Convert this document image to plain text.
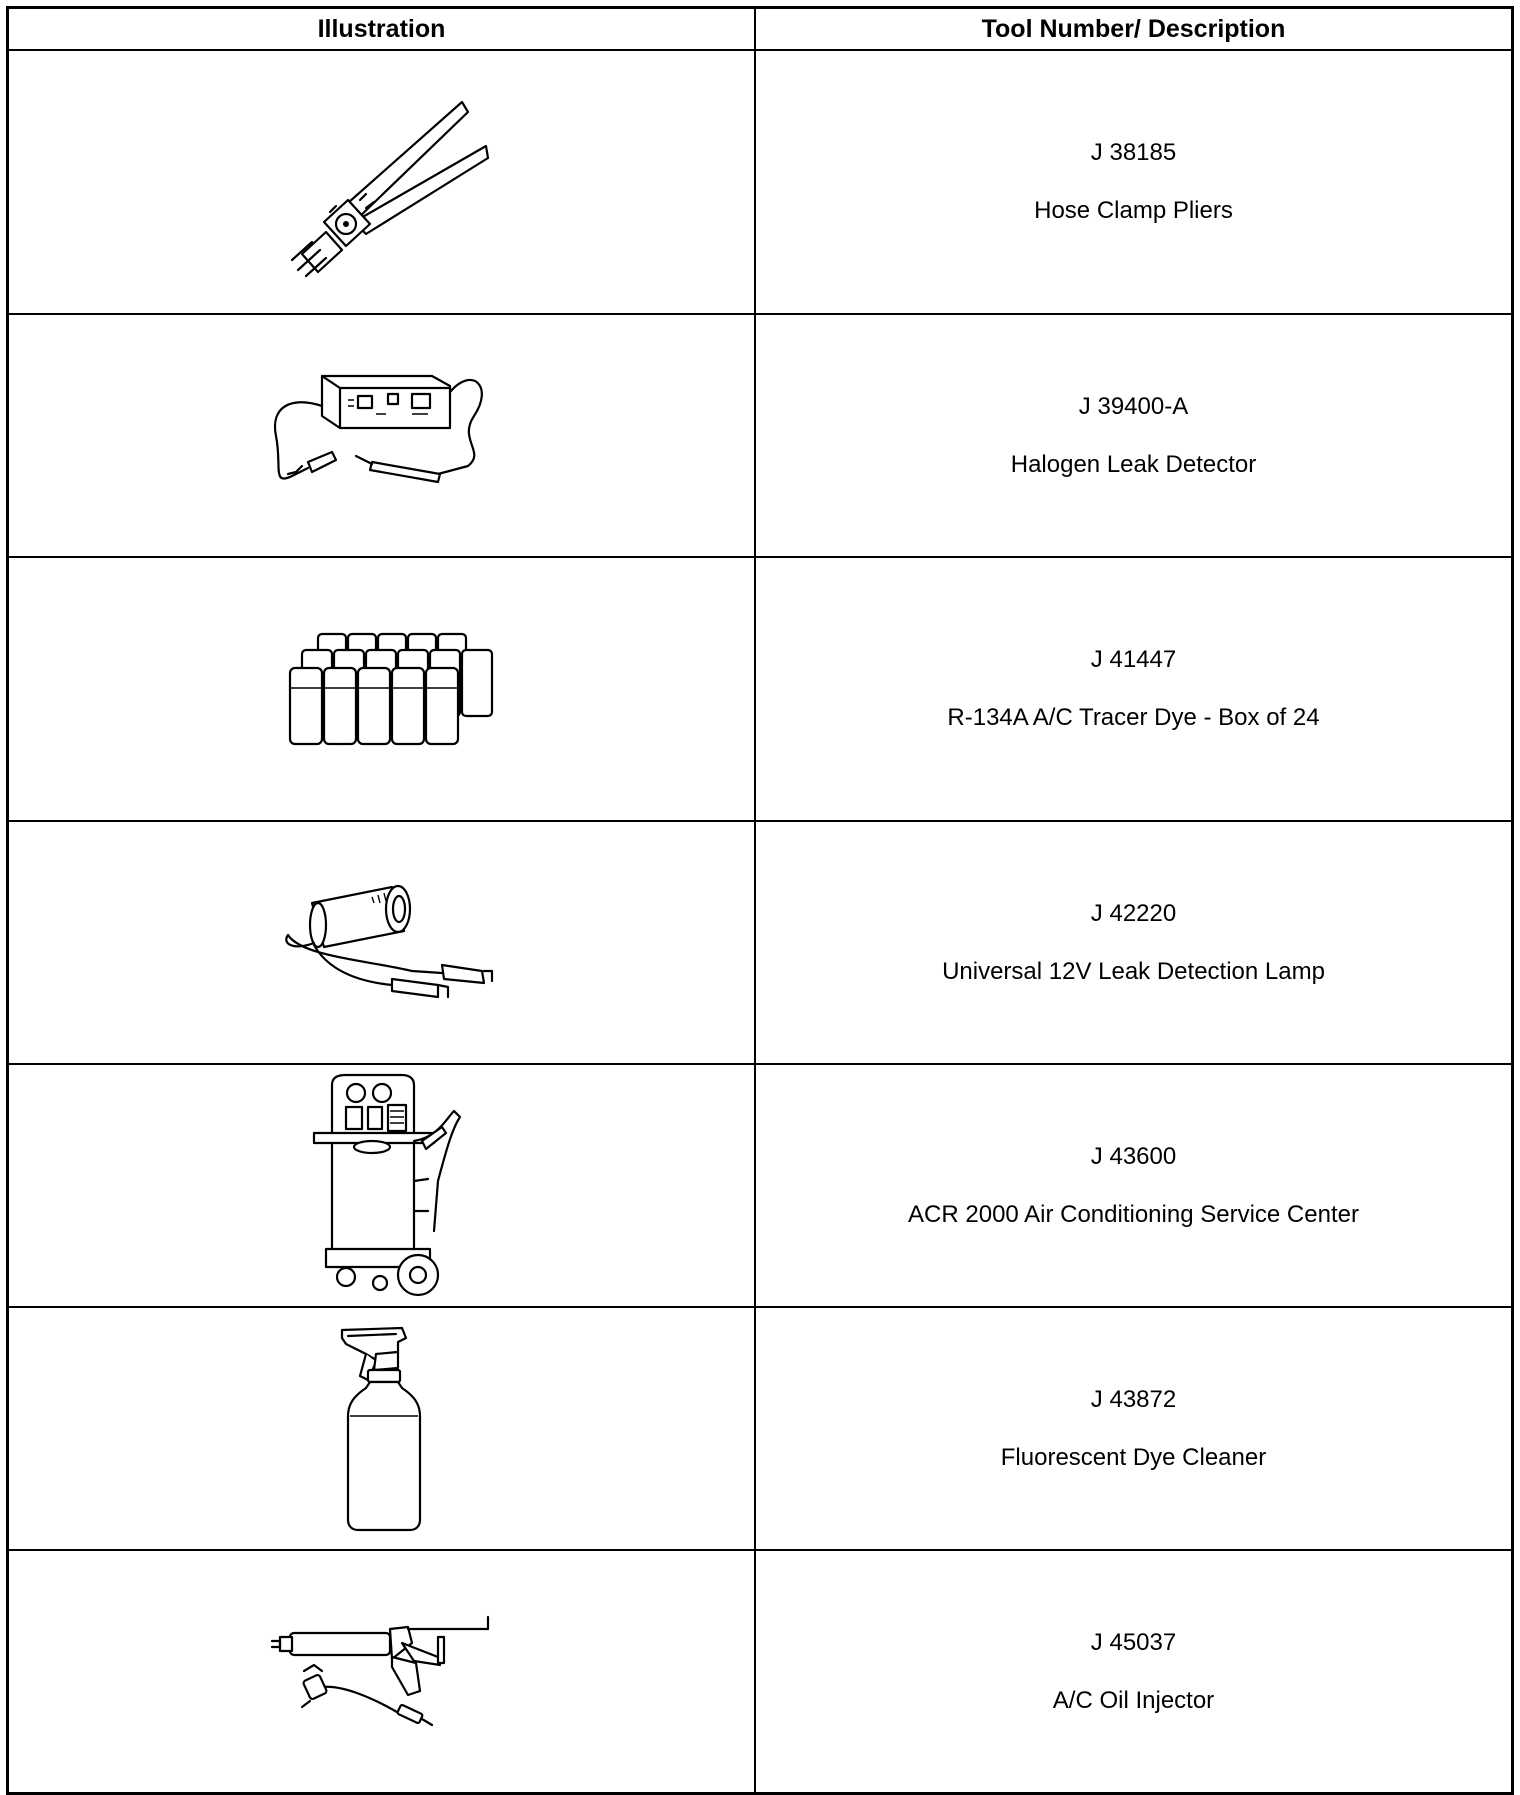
Illustration	Tool Number/ Description

J 38185
Hose Clamp Pliers

J 39400-A
Halogen Leak Detector

J 41447
R-134A A/C Tracer Dye - Box of 24

J 42220
Universal 12V Leak Detection Lamp

J 43600
ACR 2000 Air Conditioning Service Center

J 43872
Fluorescent Dye Cleaner

J 45037
A/C Oil Injector
